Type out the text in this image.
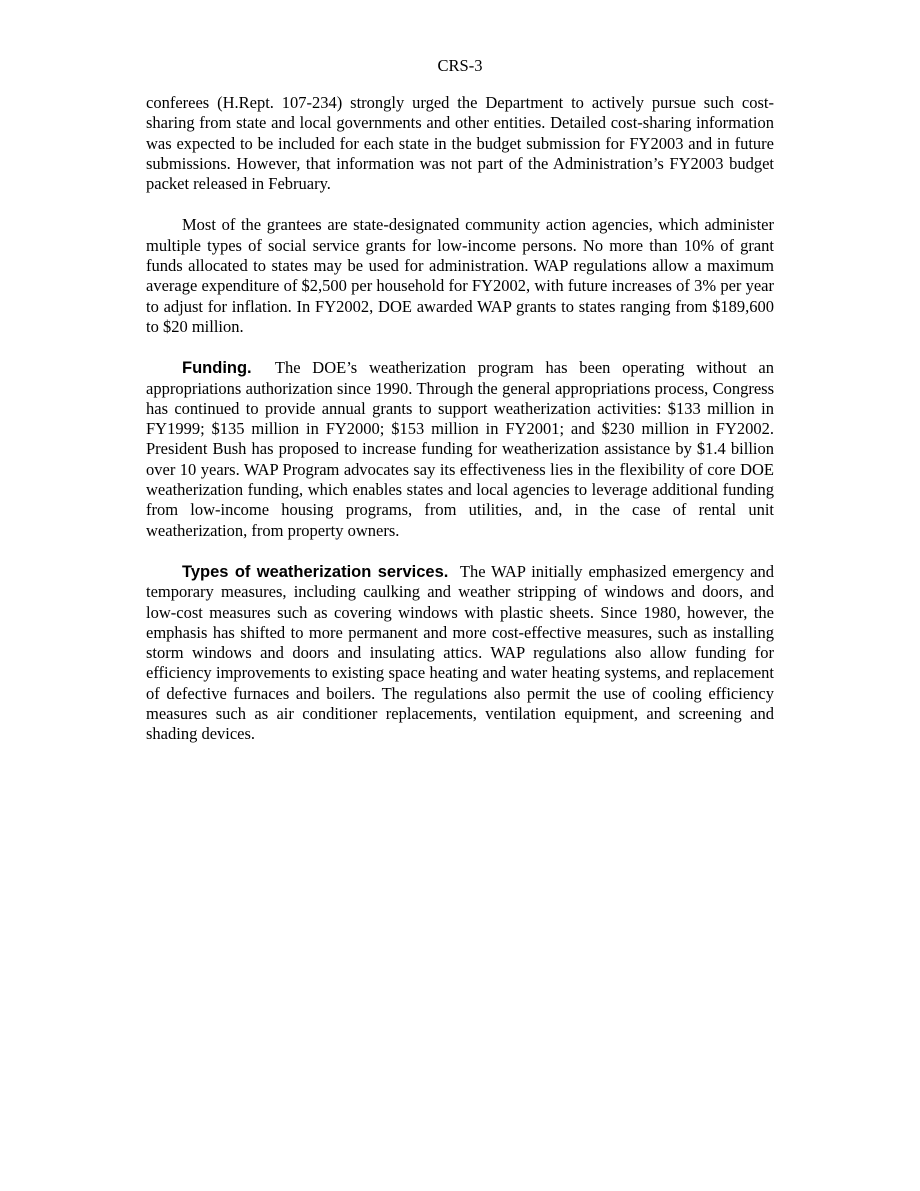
CRS-3

conferees (H.Rept. 107-234) strongly urged the Department to actively pursue such cost-sharing from state and local governments and other entities. Detailed cost-sharing information was expected to be included for each state in the budget submission for FY2003 and in future submissions. However, that information was not part of the Administration’s FY2003 budget packet released in February.

Most of the grantees are state-designated community action agencies, which administer multiple types of social service grants for low-income persons. No more than 10% of grant funds allocated to states may be used for administration. WAP regulations allow a maximum average expenditure of $2,500 per household for FY2002, with future increases of 3% per year to adjust for inflation. In FY2002, DOE awarded WAP grants to states ranging from $189,600 to $20 million.

Funding. The DOE’s weatherization program has been operating without an appropriations authorization since 1990. Through the general appropriations process, Congress has continued to provide annual grants to support weatherization activities: $133 million in FY1999; $135 million in FY2000; $153 million in FY2001; and $230 million in FY2002. President Bush has proposed to increase funding for weatherization assistance by $1.4 billion over 10 years. WAP Program advocates say its effectiveness lies in the flexibility of core DOE weatherization funding, which enables states and local agencies to leverage additional funding from low-income housing programs, from utilities, and, in the case of rental unit weatherization, from property owners.

Types of weatherization services. The WAP initially emphasized emergency and temporary measures, including caulking and weather stripping of windows and doors, and low-cost measures such as covering windows with plastic sheets. Since 1980, however, the emphasis has shifted to more permanent and more cost-effective measures, such as installing storm windows and doors and insulating attics. WAP regulations also allow funding for efficiency improvements to existing space heating and water heating systems, and replacement of defective furnaces and boilers. The regulations also permit the use of cooling efficiency measures such as air conditioner replacements, ventilation equipment, and screening and shading devices.
